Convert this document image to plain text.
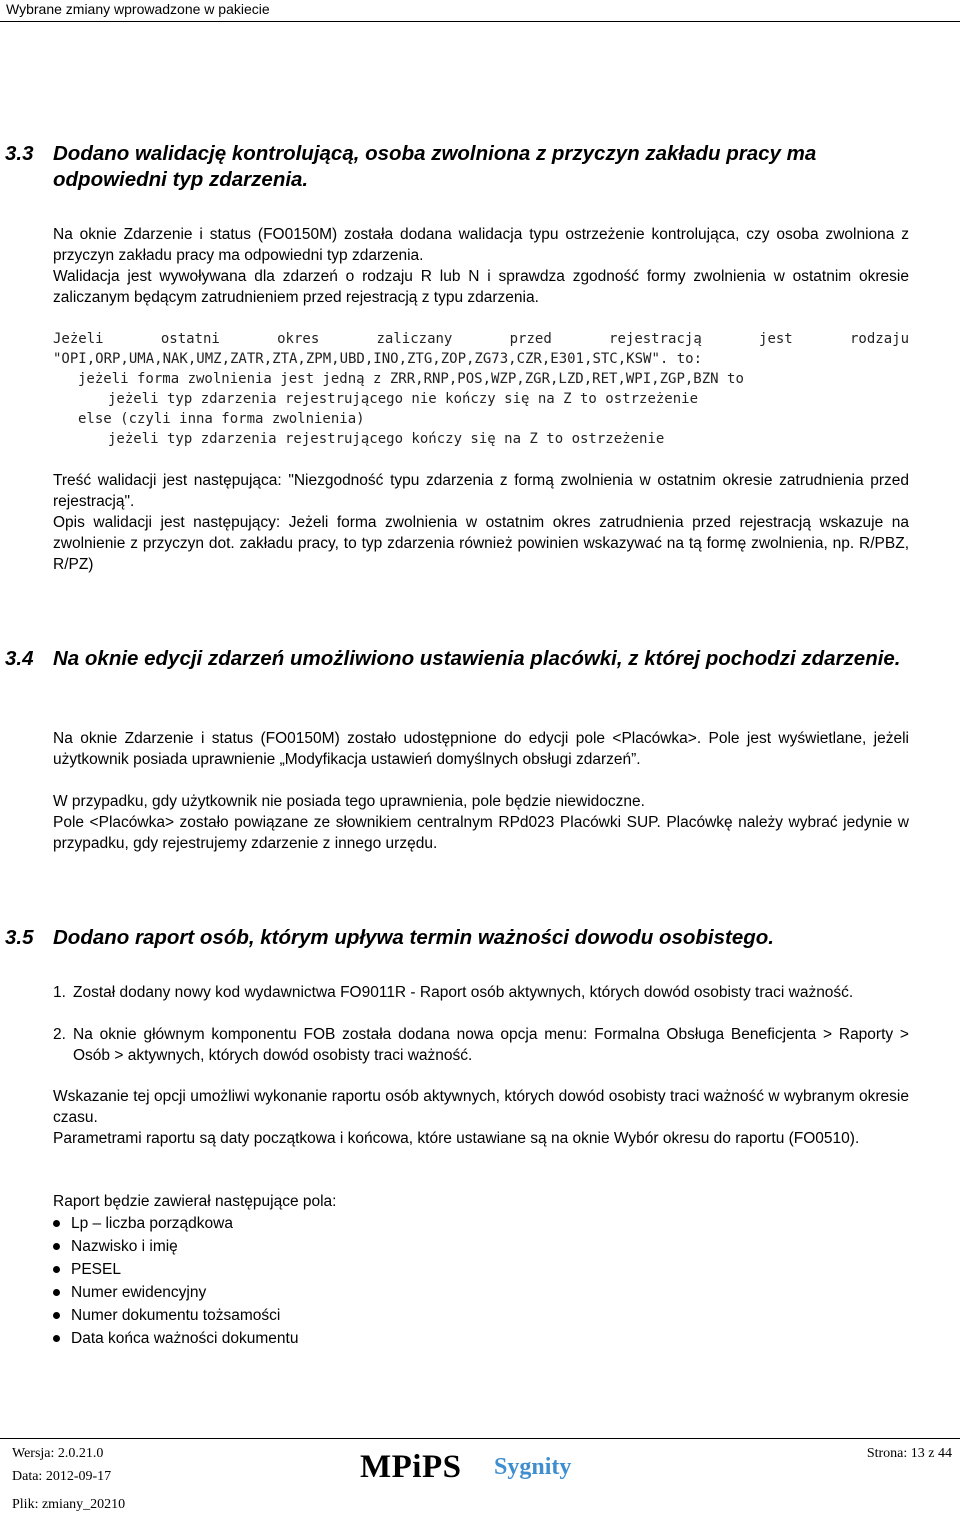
Wybrane zmiany wprowadzone w pakiecie
3.3 Dodano walidację kontrolującą, osoba zwolniona z przyczyn zakładu pracy ma odpowiedni typ zdarzenia.

Na oknie Zdarzenie i status (FO0150M) została dodana walidacja typu ostrzeżenie kontrolująca, czy osoba zwolniona z przyczyn zakładu pracy ma odpowiedni typ zdarzenia.

Walidacja jest wywoływana dla zdarzeń o rodzaju R lub N i sprawdza zgodność formy zwolnienia w ostatnim okresie zaliczanym będącym zatrudnieniem przed rejestracją z typu zdarzenia.

Jeżeli ostatni okres zaliczany przed rejestracją jest rodzaju
"OPI,ORP,UMA,NAK,UMZ,ZATR,ZTA,ZPM,UBD,INO,ZTG,ZOP,ZG73,CZR,E301,STC,KSW". to:
jeżeli forma zwolnienia jest jedną z ZRR,RNP,POS,WZP,ZGR,LZD,RET,WPI,ZGP,BZN to
jeżeli typ zdarzenia rejestrującego nie kończy się na Z to ostrzeżenie
else (czyli inna forma zwolnienia)
jeżeli typ zdarzenia rejestrującego kończy się na Z to ostrzeżenie

Treść walidacji jest następująca: "Niezgodność typu zdarzenia z formą zwolnienia w ostatnim okresie zatrudnienia przed rejestracją".

Opis walidacji jest następujący: Jeżeli forma zwolnienia w ostatnim okres zatrudnienia przed rejestracją wskazuje na zwolnienie z przyczyn dot. zakładu pracy, to typ zdarzenia również powinien wskazywać na tą formę zwolnienia, np. R/PBZ, R/PZ)

3.4 Na oknie edycji zdarzeń umożliwiono ustawienia placówki, z której pochodzi zdarzenie.

Na oknie Zdarzenie i status (FO0150M) zostało udostępnione do edycji pole <Placówka>. Pole jest wyświetlane, jeżeli użytkownik posiada uprawnienie „Modyfikacja ustawień domyślnych obsługi zdarzeń”.

W przypadku, gdy użytkownik nie posiada tego uprawnienia, pole będzie niewidoczne.

Pole <Placówka> zostało powiązane ze słownikiem centralnym RPd023 Placówki SUP. Placówkę należy wybrać jedynie w przypadku, gdy rejestrujemy zdarzenie z innego urzędu.

3.5 Dodano raport osób, którym upływa termin ważności dowodu osobistego.
1. Został dodany nowy kod wydawnictwa FO9011R - Raport osób aktywnych, których dowód osobisty traci ważność.
2. Na oknie głównym komponentu FOB została dodana nowa opcja menu: Formalna Obsługa Beneficjenta > Raporty > Osób > aktywnych, których dowód osobisty traci ważność.

Wskazanie tej opcji umożliwi wykonanie raportu osób aktywnych, których dowód osobisty traci ważność w wybranym okresie czasu.

Parametrami raportu są daty początkowa i końcowa, które ustawiane są na oknie Wybór okresu do raportu (FO0510).

Raport będzie zawierał następujące pola:

Lp – liczba porządkowa
Nazwisko i imię
PESEL
Numer ewidencyjny
Numer dokumentu tożsamości
Data końca ważności dokumentu
Wersja: 2.0.21.0
Data: 2012-09-17
Plik: zmiany_20210
MPiPS Sygnity
Strona: 13 z 44
